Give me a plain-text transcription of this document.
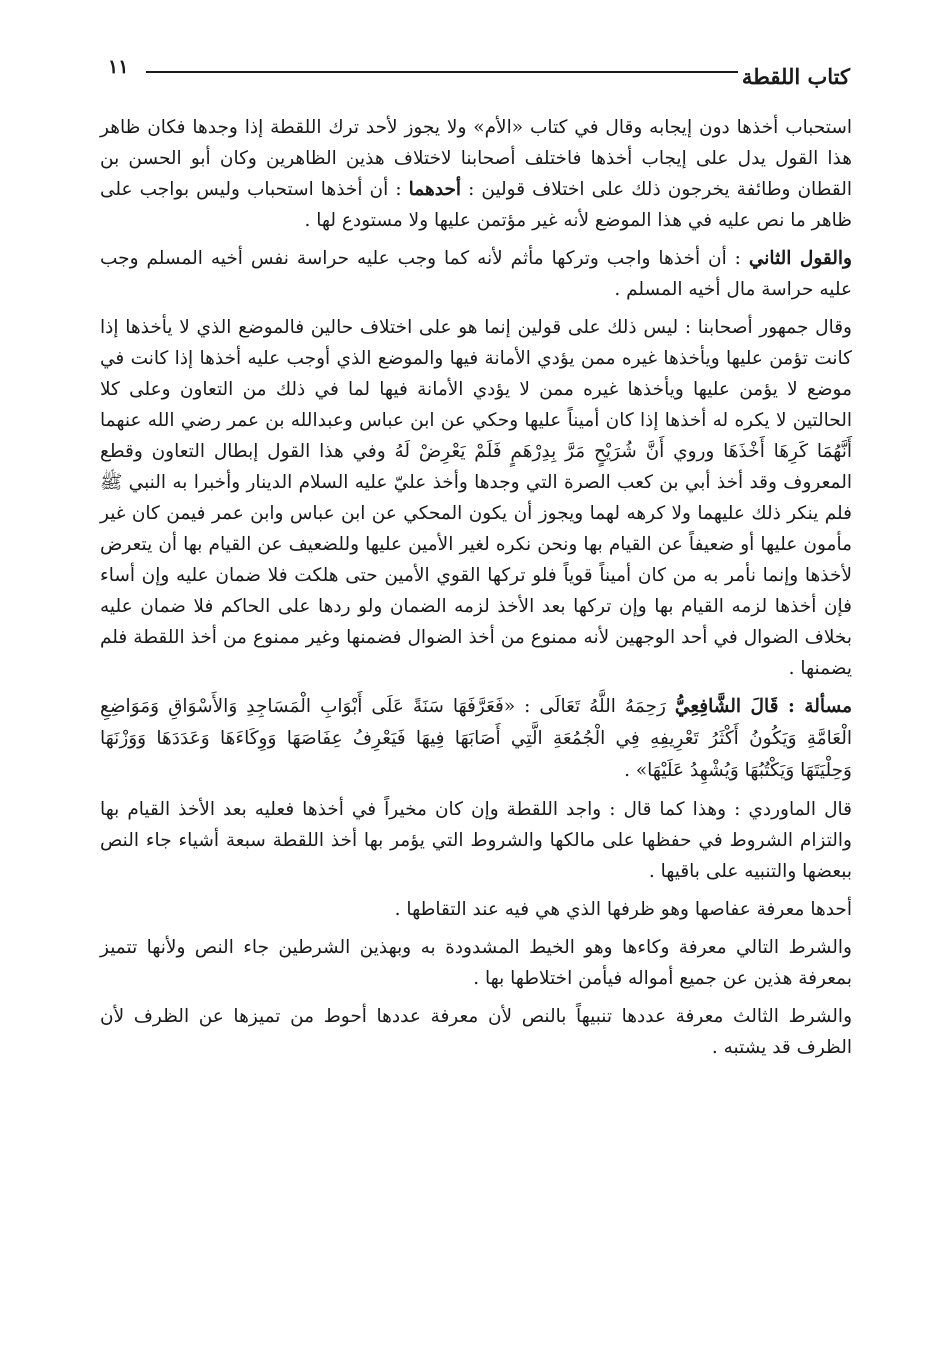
كتاب اللقطة
١١

استحباب أخذها دون إيجابه وقال في كتاب «الأم» ولا يجوز لأحد ترك اللقطة إذا وجدها فكان ظاهر هذا القول يدل على إيجاب أخذها فاختلف أصحابنا لاختلاف هذين الظاهرين وكان أبو الحسن بن القطان وطائفة يخرجون ذلك على اختلاف قولين : أحدهما : أن أخذها استحباب وليس بواجب على ظاهر ما نص عليه في هذا الموضع لأنه غير مؤتمن عليها ولا مستودع لها .

والقول الثاني : أن أخذها واجب وتركها مأثم لأنه كما وجب عليه حراسة نفس أخيه المسلم وجب عليه حراسة مال أخيه المسلم .

وقال جمهور أصحابنا : ليس ذلك على قولين إنما هو على اختلاف حالين فالموضع الذي لا يأخذها إذا كانت تؤمن عليها ويأخذها غيره ممن يؤدي الأمانة فيها والموضع الذي أوجب عليه أخذها إذا كانت في موضع لا يؤمن عليها ويأخذها غيره ممن لا يؤدي الأمانة فيها لما في ذلك من التعاون وعلى كلا الحالتين لا يكره له أخذها إذا كان أميناً عليها وحكي عن ابن عباس وعبدالله بن عمر رضي الله عنهما أَنَّهُمَا كَرِهَا أَخْذَهَا وروي أَنَّ شُرَيْحٍ مَرَّ بِدِرْهَمٍ فَلَمْ يَعْرِضْ لَهُ وفي هذا القول إبطال التعاون وقطع المعروف وقد أخذ أبي بن كعب الصرة التي وجدها وأخذ عليّ عليه السلام الدينار وأخبرا به النبي ﷺ فلم ينكر ذلك عليهما ولا كرهه لهما ويجوز أن يكون المحكي عن ابن عباس وابن عمر فيمن كان غير مأمون عليها أو ضعيفاً عن القيام بها ونحن نكره لغير الأمين عليها وللضعيف عن القيام بها أن يتعرض لأخذها وإنما نأمر به من كان أميناً قوياً فلو تركها القوي الأمين حتى هلكت فلا ضمان عليه وإن أساء فإن أخذها لزمه القيام بها وإن تركها بعد الأخذ لزمه الضمان ولو ردها على الحاكم فلا ضمان عليه بخلاف الضوال في أحد الوجهين لأنه ممنوع من أخذ الضوال فضمنها وغير ممنوع من أخذ اللقطة فلم يضمنها .

مسألة : قَالَ الشَّافِعِيُّ رَحِمَهُ اللَّهُ تَعَالَى : «فَعَرَّفَهَا سَنَةً عَلَى أَبْوَابِ الْمَسَاجِدِ وَالأَسْوَاقِ وَمَوَاضِعِ الْعَامَّةِ وَيَكُونُ أَكْثَرُ تَعْرِيفِهِ فِي الْجُمُعَةِ الَّتِي أَصَابَهَا فِيهَا فَيَعْرِفُ عِفَاصَهَا وَوِكَاءَهَا وَعَدَدَهَا وَوَزْنَهَا وَحِلْيَتَهَا وَيَكْتُبُهَا وَيُشْهِدُ عَلَيْهَا» .

قال الماوردي : وهذا كما قال : واجد اللقطة وإن كان مخيراً في أخذها فعليه بعد الأخذ القيام بها والتزام الشروط في حفظها على مالكها والشروط التي يؤمر بها أخذ اللقطة سبعة أشياء جاء النص ببعضها والتنبيه على باقيها .

أحدها معرفة عفاصها وهو ظرفها الذي هي فيه عند التقاطها .

والشرط التالي معرفة وكاءها وهو الخيط المشدودة به وبهذين الشرطين جاء النص ولأنها تتميز بمعرفة هذين عن جميع أمواله فيأمن اختلاطها بها .

والشرط الثالث معرفة عددها تنبيهاً بالنص لأن معرفة عددها أحوط من تميزها عن الظرف لأن الظرف قد يشتبه .
